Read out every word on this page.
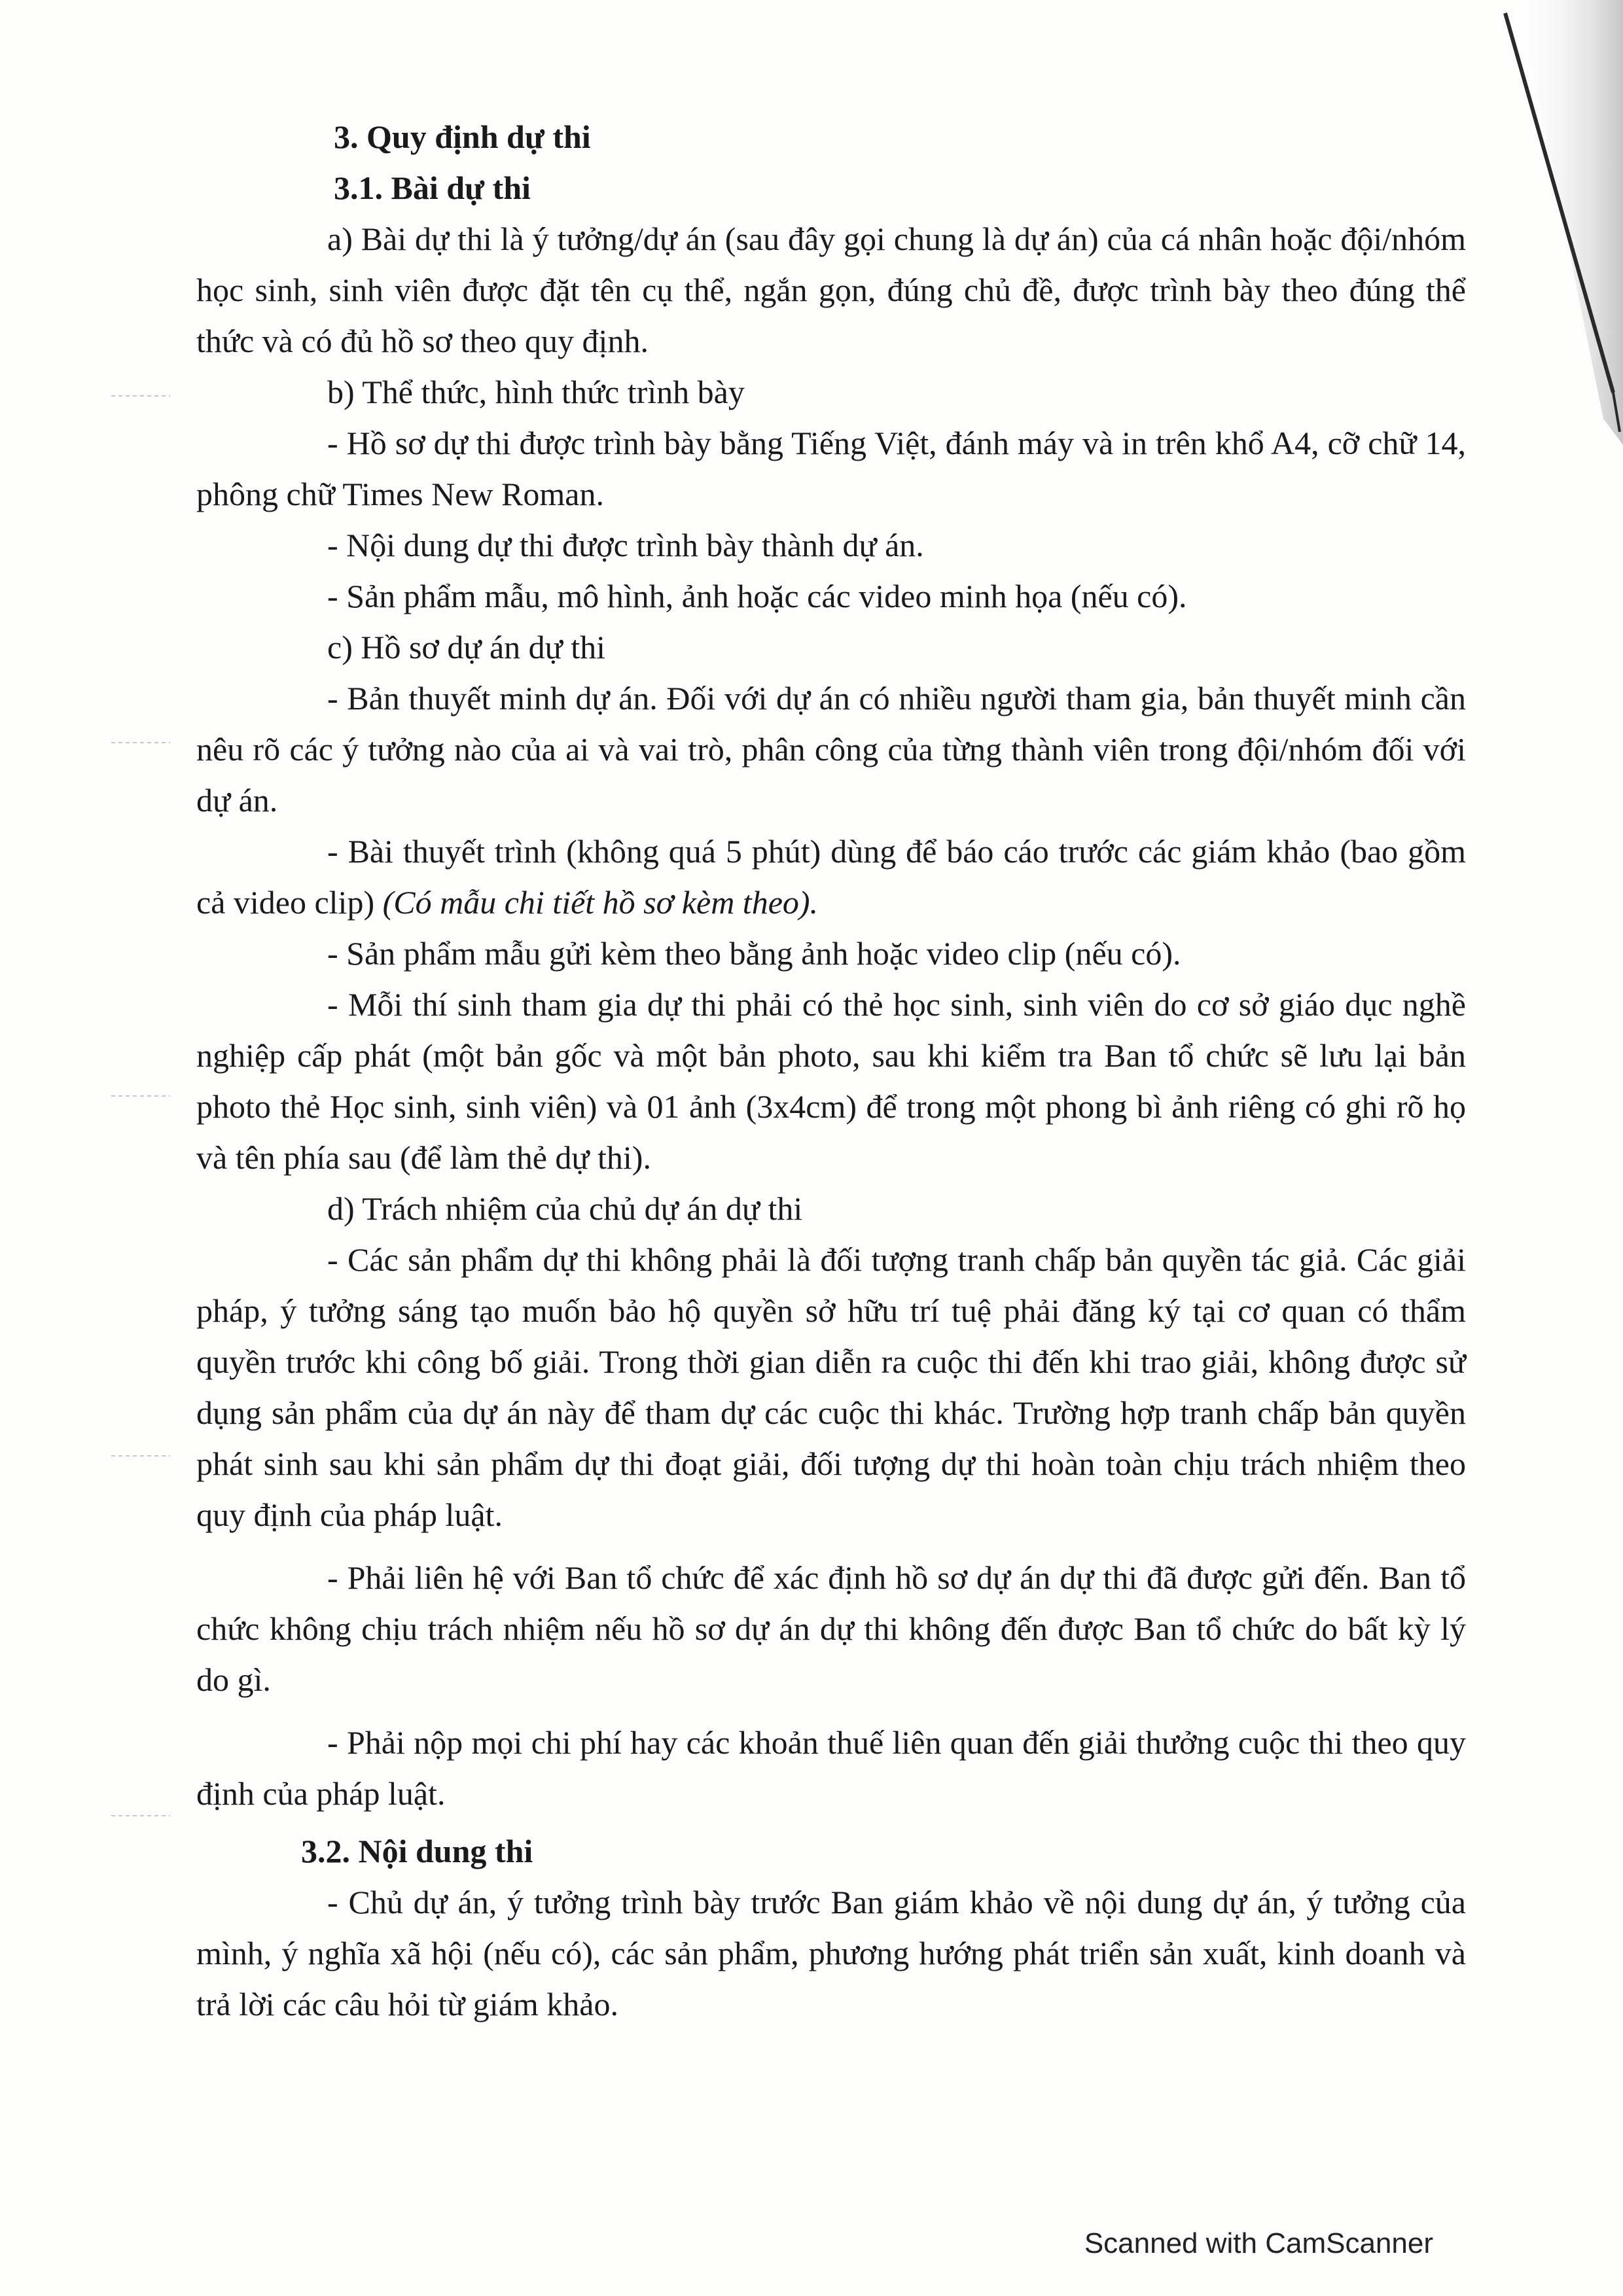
3. Quy định dự thi

3.1. Bài dự thi

a) Bài dự thi là ý tưởng/dự án (sau đây gọi chung là dự án) của cá nhân hoặc đội/nhóm học sinh, sinh viên được đặt tên cụ thể, ngắn gọn, đúng chủ đề, được trình bày theo đúng thể thức và có đủ hồ sơ theo quy định.

b) Thể thức, hình thức trình bày

- Hồ sơ dự thi được trình bày bằng Tiếng Việt, đánh máy và in trên khổ A4, cỡ chữ 14, phông chữ Times New Roman.

- Nội dung dự thi được trình bày thành dự án.

- Sản phẩm mẫu, mô hình, ảnh hoặc các video minh họa (nếu có).

c) Hồ sơ dự án dự thi

- Bản thuyết minh dự án. Đối với dự án có nhiều người tham gia, bản thuyết minh cần nêu rõ các ý tưởng nào của ai và vai trò, phân công của từng thành viên trong đội/nhóm đối với dự án.

- Bài thuyết trình (không quá 5 phút) dùng để báo cáo trước các giám khảo (bao gồm cả video clip) (Có mẫu chi tiết hồ sơ kèm theo).

- Sản phẩm mẫu gửi kèm theo bằng ảnh hoặc video clip (nếu có).

- Mỗi thí sinh tham gia dự thi phải có thẻ học sinh, sinh viên do cơ sở giáo dục nghề nghiệp cấp phát (một bản gốc và một bản photo, sau khi kiểm tra Ban tổ chức sẽ lưu lại bản photo thẻ Học sinh, sinh viên) và 01 ảnh (3x4cm) để trong một phong bì ảnh riêng có ghi rõ họ và tên phía sau (để làm thẻ dự thi).

d) Trách nhiệm của chủ dự án dự thi

- Các sản phẩm dự thi không phải là đối tượng tranh chấp bản quyền tác giả. Các giải pháp, ý tưởng sáng tạo muốn bảo hộ quyền sở hữu trí tuệ phải đăng ký tại cơ quan có thẩm quyền trước khi công bố giải. Trong thời gian diễn ra cuộc thi đến khi trao giải, không được sử dụng sản phẩm của dự án này để tham dự các cuộc thi khác. Trường hợp tranh chấp bản quyền phát sinh sau khi sản phẩm dự thi đoạt giải, đối tượng dự thi hoàn toàn chịu trách nhiệm theo quy định của pháp luật.

- Phải liên hệ với Ban tổ chức để xác định hồ sơ dự án dự thi đã được gửi đến. Ban tổ chức không chịu trách nhiệm nếu hồ sơ dự án dự thi không đến được Ban tổ chức do bất kỳ lý do gì.

- Phải nộp mọi chi phí hay các khoản thuế liên quan đến giải thưởng cuộc thi theo quy định của pháp luật.

3.2. Nội dung thi

- Chủ dự án, ý tưởng trình bày trước Ban giám khảo về nội dung dự án, ý tưởng của mình, ý nghĩa xã hội (nếu có), các sản phẩm, phương hướng phát triển sản xuất, kinh doanh và trả lời các câu hỏi từ giám khảo.

Scanned with CamScanner
